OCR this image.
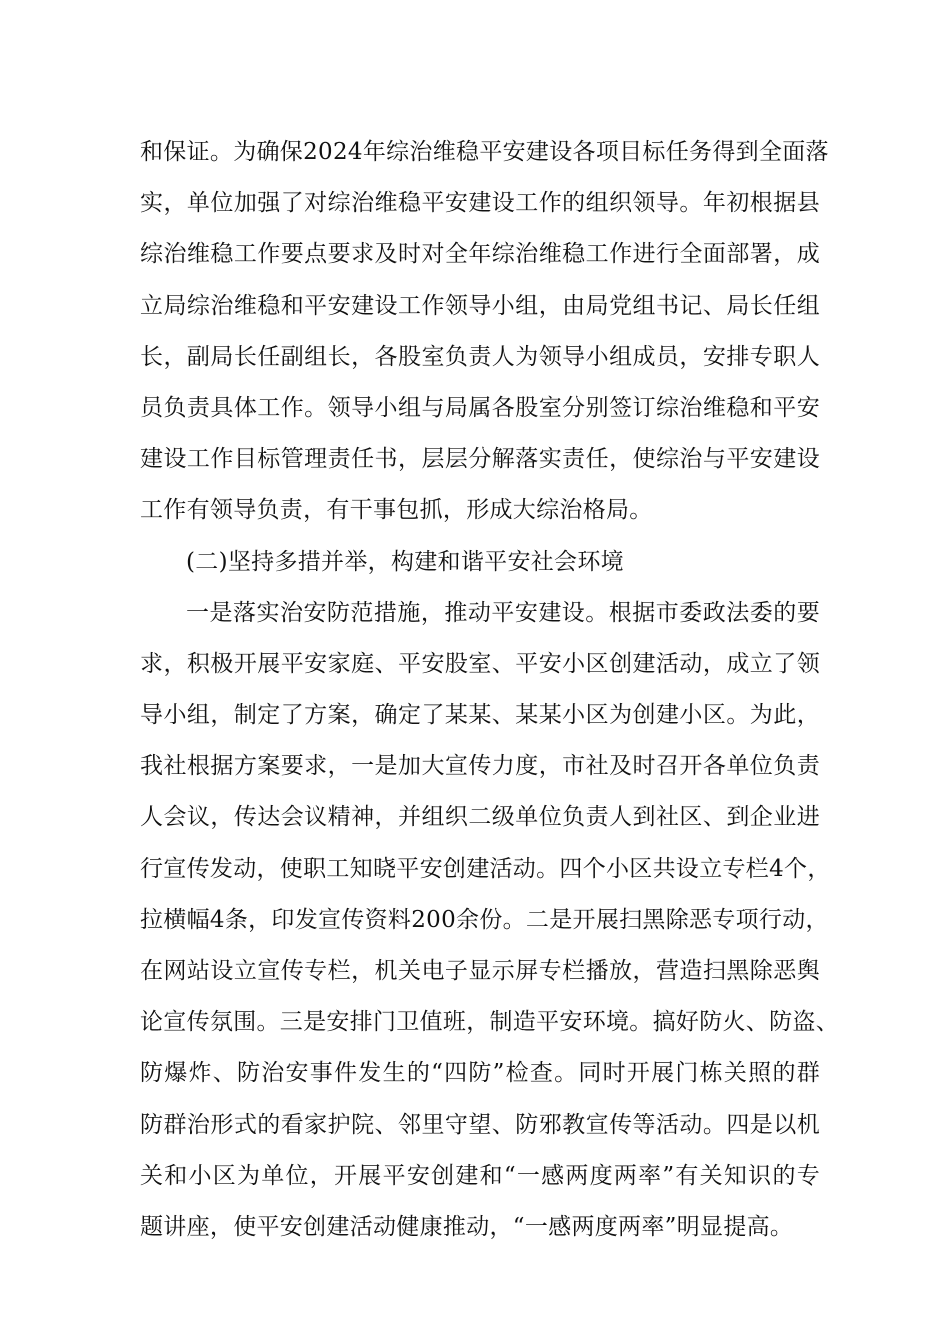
和保证。为确保2024年综治维稳平安建设各项目标任务得到全面落
实，单位加强了对综治维稳平安建设工作的组织领导。年初根据县
综治维稳工作要点要求及时对全年综治维稳工作进行全面部署，成
立局综治维稳和平安建设工作领导小组，由局党组书记、局长任组
长，副局长任副组长，各股室负责人为领导小组成员，安排专职人
员负责具体工作。领导小组与局属各股室分别签订综治维稳和平安
建设工作目标管理责任书，层层分解落实责任，使综治与平安建设
工作有领导负责，有干事包抓，形成大综治格局。
(二)坚持多措并举，构建和谐平安社会环境
一是落实治安防范措施，推动平安建设。根据市委政法委的要
求，积极开展平安家庭、平安股室、平安小区创建活动，成立了领
导小组，制定了方案，确定了某某、某某小区为创建小区。为此，
我社根据方案要求，一是加大宣传力度，市社及时召开各单位负责
人会议，传达会议精神，并组织二级单位负责人到社区、到企业进
行宣传发动，使职工知晓平安创建活动。四个小区共设立专栏4个，
拉横幅4条，印发宣传资料200余份。二是开展扫黑除恶专项行动，
在网站设立宣传专栏，机关电子显示屏专栏播放，营造扫黑除恶舆
论宣传氛围。三是安排门卫值班，制造平安环境。搞好防火、防盗、
防爆炸、防治安事件发生的“四防”检查。同时开展门栋关照的群
防群治形式的看家护院、邻里守望、防邪教宣传等活动。四是以机
关和小区为单位，开展平安创建和“一感两度两率”有关知识的专
题讲座，使平安创建活动健康推动，“一感两度两率”明显提高。
